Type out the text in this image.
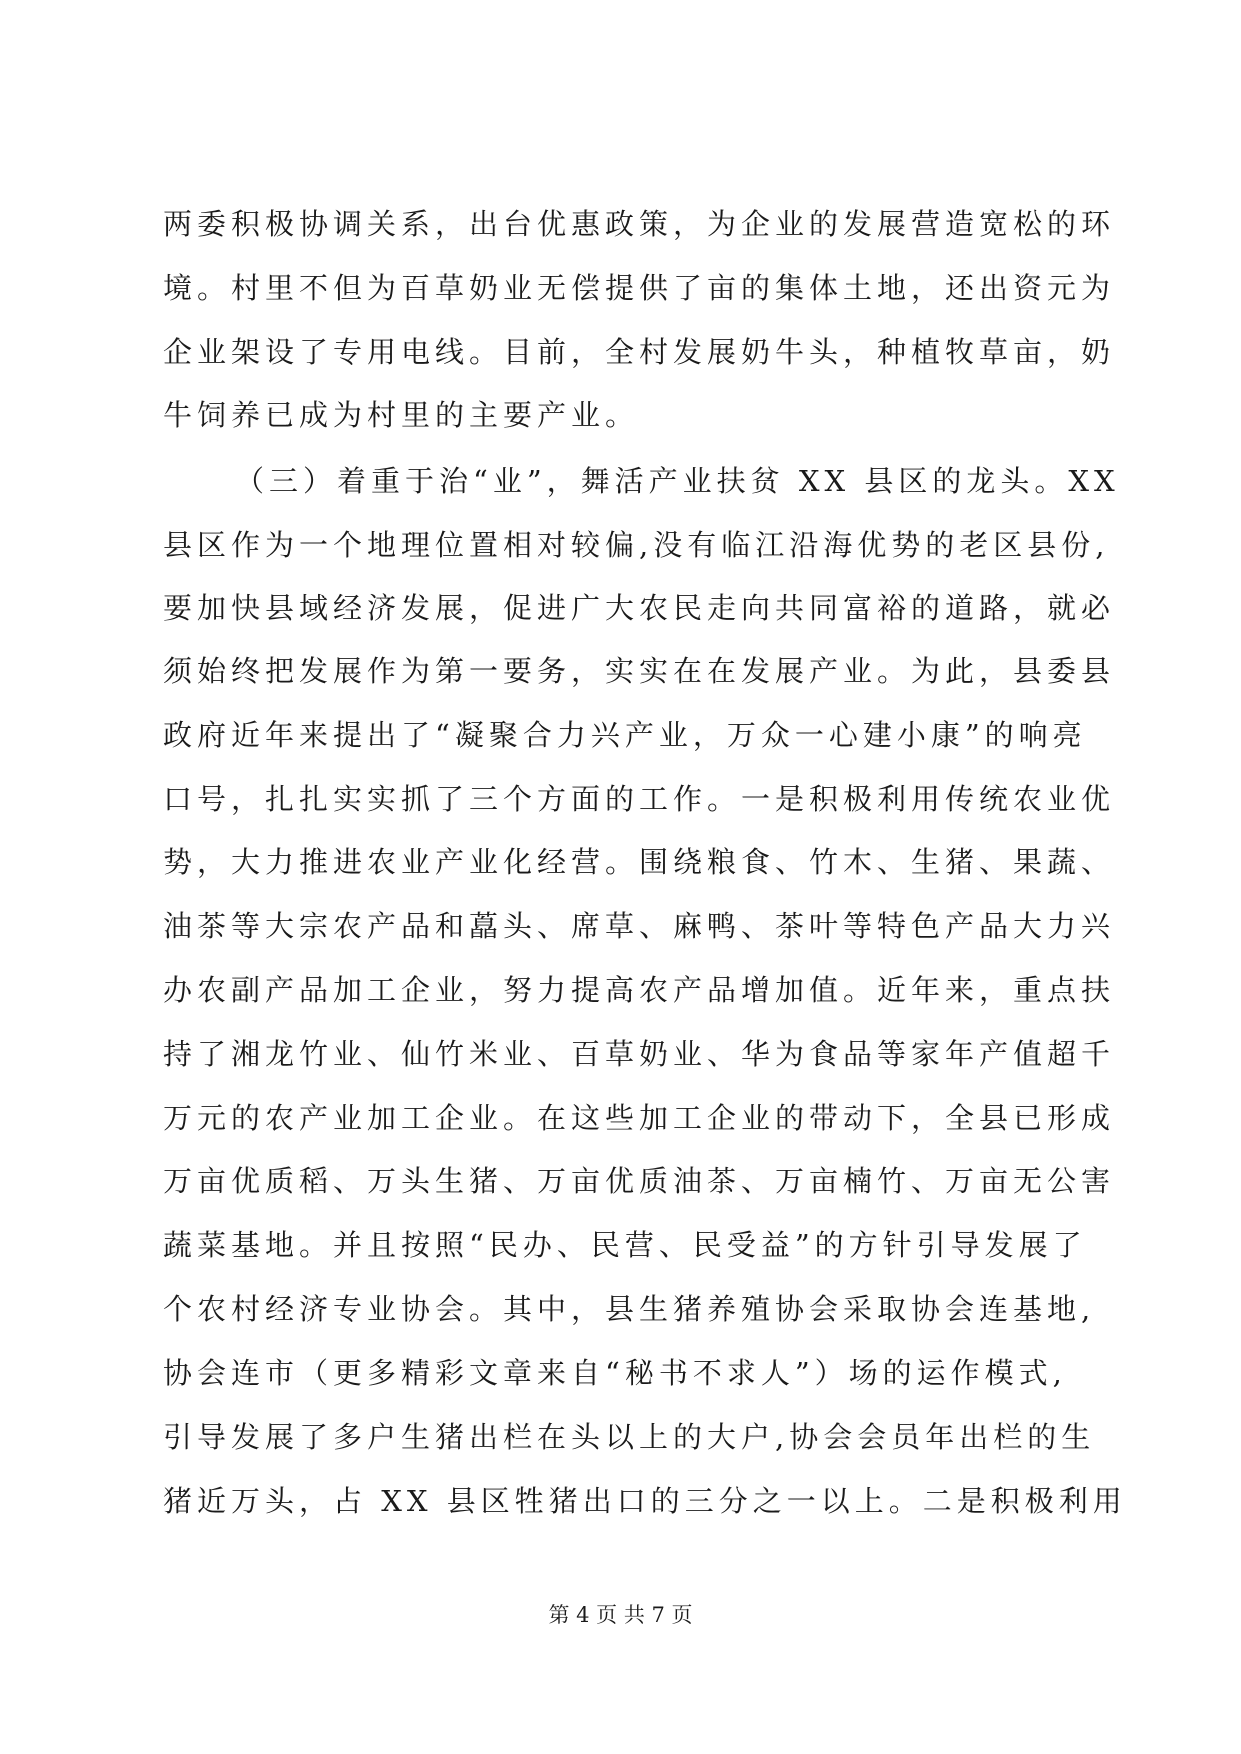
两委积极协调关系，出台优惠政策，为企业的发展营造宽松的环
境。村里不但为百草奶业无偿提供了亩的集体土地，还出资元为
企业架设了专用电线。目前，全村发展奶牛头，种植牧草亩，奶
牛饲养已成为村里的主要产业。
（三）着重于治“业”，舞活产业扶贫 XX 县区的龙头。XX
县区作为一个地理位置相对较偏,没有临江沿海优势的老区县份,
要加快县域经济发展，促进广大农民走向共同富裕的道路，就必
须始终把发展作为第一要务，实实在在发展产业。为此，县委县
政府近年来提出了“凝聚合力兴产业，万众一心建小康”的响亮
口号，扎扎实实抓了三个方面的工作。一是积极利用传统农业优
势，大力推进农业产业化经营。围绕粮食、竹木、生猪、果蔬、
油茶等大宗农产品和藠头、席草、麻鸭、茶叶等特色产品大力兴
办农副产品加工企业，努力提高农产品增加值。近年来，重点扶
持了湘龙竹业、仙竹米业、百草奶业、华为食品等家年产值超千
万元的农产业加工企业。在这些加工企业的带动下，全县已形成
万亩优质稻、万头生猪、万亩优质油茶、万亩楠竹、万亩无公害
蔬菜基地。并且按照“民办、民营、民受益”的方针引导发展了
个农村经济专业协会。其中，县生猪养殖协会采取协会连基地,
协会连市（更多精彩文章来自“秘书不求人”）场的运作模式,
引导发展了多户生猪出栏在头以上的大户,协会会员年出栏的生
猪近万头，占 XX 县区牲猪出口的三分之一以上。二是积极利用
第 4 页 共 7 页
